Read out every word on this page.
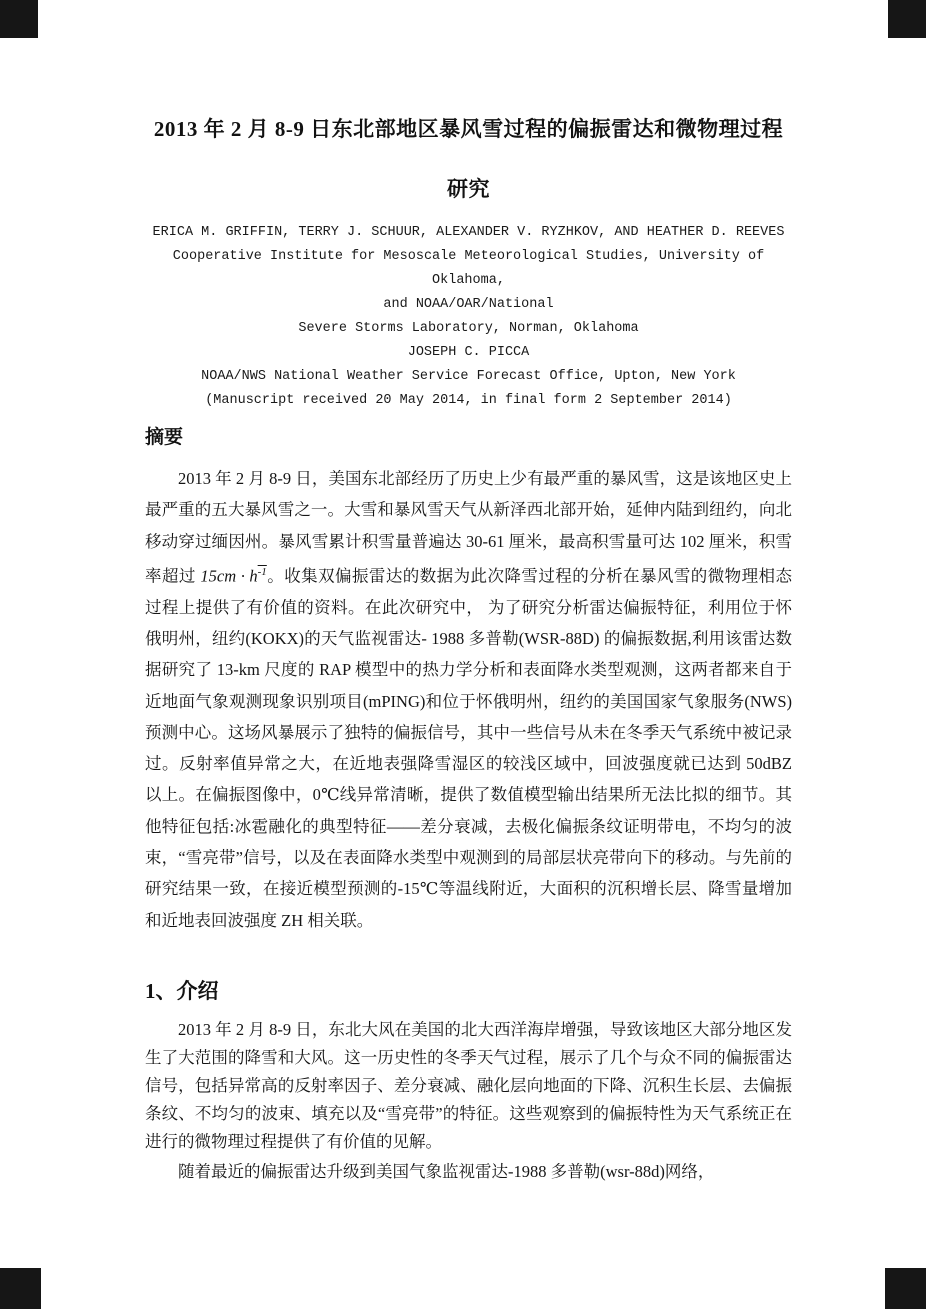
2013 年 2 月 8-9 日东北部地区暴风雪过程的偏振雷达和微物理过程
研究
ERICA M. GRIFFIN, TERRY J. SCHUUR, ALEXANDER V. RYZHKOV, AND HEATHER D. REEVES
Cooperative Institute for Mesoscale Meteorological Studies, University of Oklahoma,
and NOAA/OAR/National
Severe Storms Laboratory, Norman, Oklahoma
JOSEPH C. PICCA
NOAA/NWS National Weather Service Forecast Office, Upton, New York
(Manuscript received 20 May 2014, in final form 2 September 2014)
摘要

2013 年 2 月 8-9 日，美国东北部经历了历史上少有最严重的暴风雪，这是该地区史上最严重的五大暴风雪之一。大雪和暴风雪天气从新泽西北部开始，延伸内陆到纽约，向北移动穿过缅因州。暴风雪累计积雪量普遍达 30-61 厘米，最高积雪量可达 102 厘米，积雪率超过 $15cm \cdot h^{-1}$。收集双偏振雷达的数据为此次降雪过程的分析在暴风雪的微物理相态过程上提供了有价值的资料。在此次研究中， 为了研究分析雷达偏振特征，利用位于怀俄明州，纽约(KOKX)的天气监视雷达- 1988 多普勒(WSR-88D) 的偏振数据,利用该雷达数据研究了 13-km 尺度的 RAP 模型中的热力学分析和表面降水类型观测，这两者都来自于近地面气象观测现象识别项目(mPING)和位于怀俄明州，纽约的美国国家气象服务(NWS)预测中心。这场风暴展示了独特的偏振信号，其中一些信号从未在冬季天气系统中被记录过。反射率值异常之大，在近地表强降雪湿区的较浅区域中，回波强度就已达到 50dBZ 以上。在偏振图像中，0℃线异常清晰，提供了数值模型输出结果所无法比拟的细节。其他特征包括:冰雹融化的典型特征——差分衰减，去极化偏振条纹证明带电，不均匀的波束，“雪亮带”信号，以及在表面降水类型中观测到的局部层状亮带向下的移动。与先前的研究结果一致，在接近模型预测的-15℃等温线附近，大面积的沉积增长层、降雪量增加和近地表回波强度 ZH 相关联。

1、介绍

2013 年 2 月 8-9 日，东北大风在美国的北大西洋海岸增强，导致该地区大部分地区发生了大范围的降雪和大风。这一历史性的冬季天气过程，展示了几个与众不同的偏振雷达信号，包括异常高的反射率因子、差分衰减、融化层向地面的下降、沉积生长层、去偏振条纹、不均匀的波束、填充以及“雪亮带”的特征。这些观察到的偏振特性为天气系统正在进行的微物理过程提供了有价值的见解。

随着最近的偏振雷达升级到美国气象监视雷达-1988 多普勒(wsr-88d)网络，
